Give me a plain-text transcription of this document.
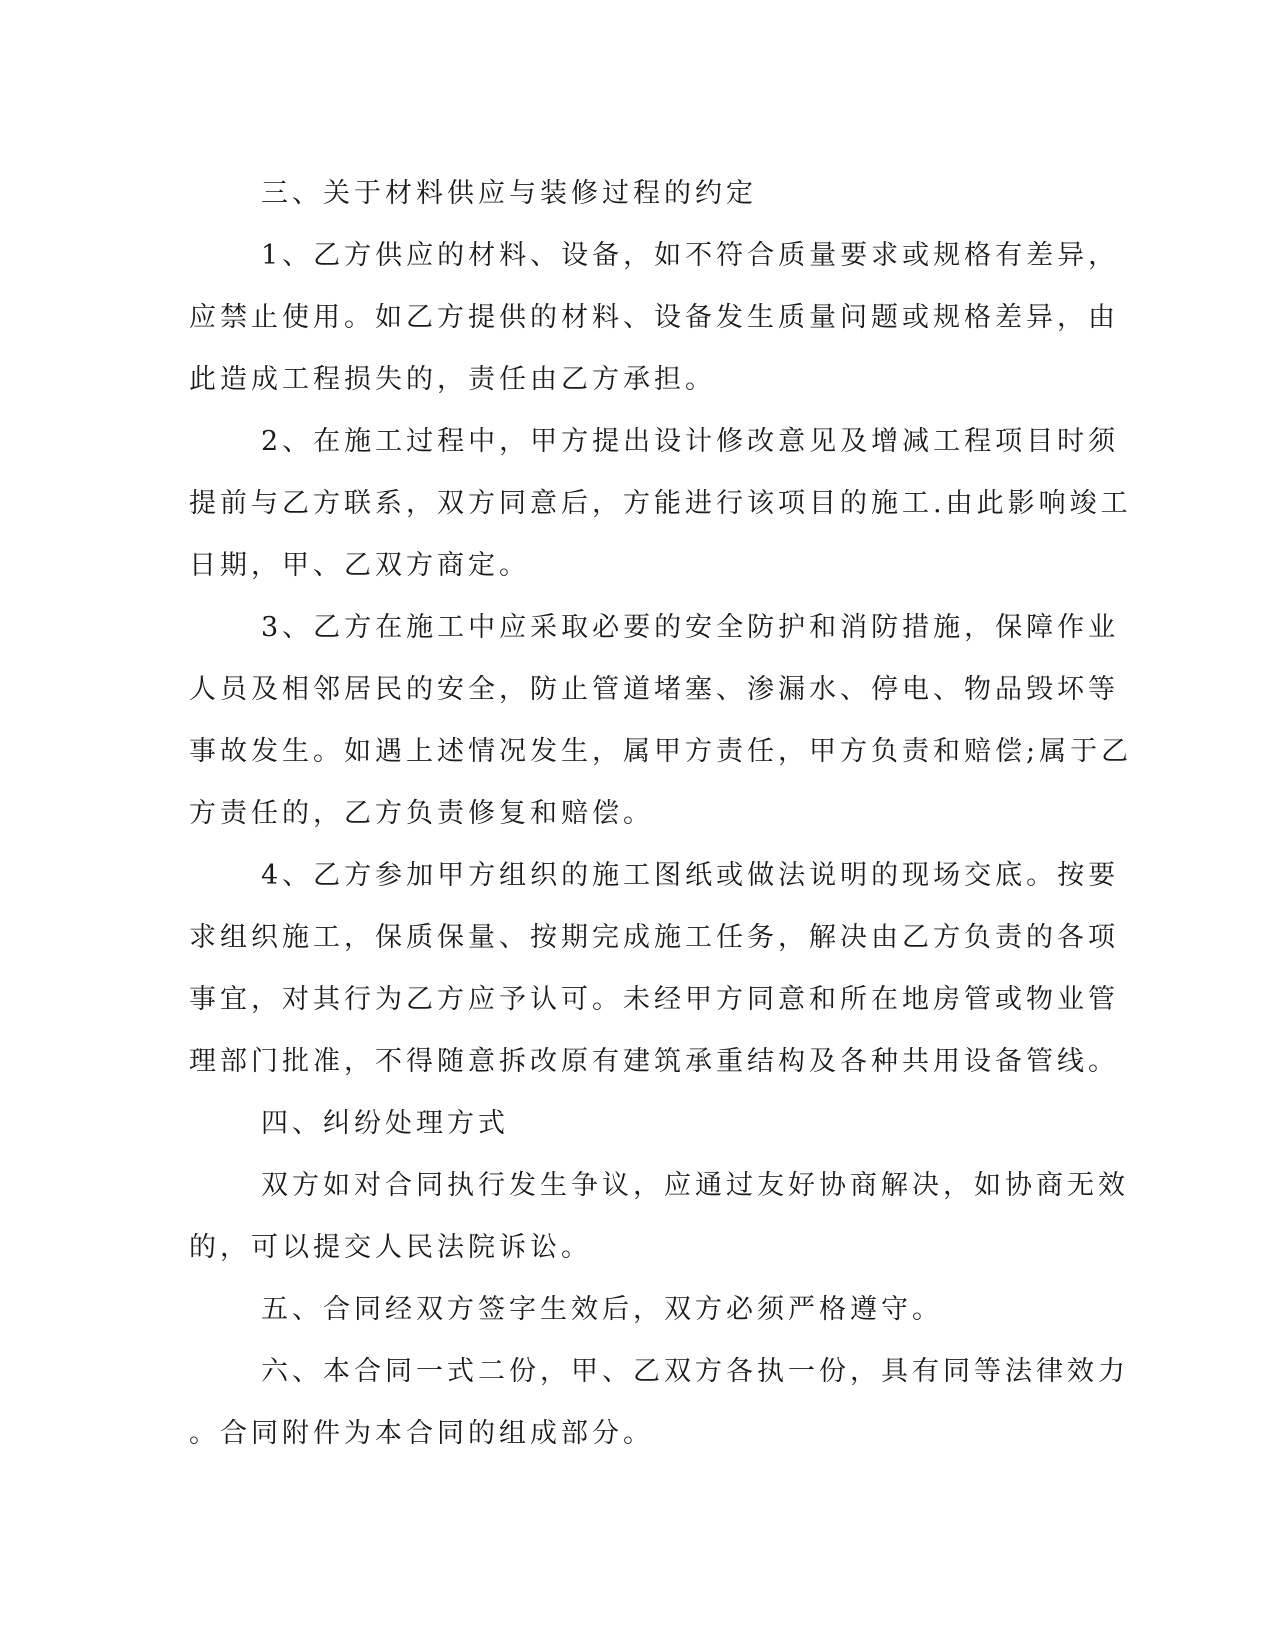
三、关于材料供应与装修过程的约定
1、乙方供应的材料、设备，如不符合质量要求或规格有差异，
应禁止使用。如乙方提供的材料、设备发生质量问题或规格差异，由
此造成工程损失的，责任由乙方承担。
2、在施工过程中，甲方提出设计修改意见及增减工程项目时须
提前与乙方联系，双方同意后，方能进行该项目的施工.由此影响竣工
日期，甲、乙双方商定。
3、乙方在施工中应采取必要的安全防护和消防措施，保障作业
人员及相邻居民的安全，防止管道堵塞、渗漏水、停电、物品毁坏等
事故发生。如遇上述情况发生，属甲方责任，甲方负责和赔偿;属于乙
方责任的，乙方负责修复和赔偿。
4、乙方参加甲方组织的施工图纸或做法说明的现场交底。按要
求组织施工，保质保量、按期完成施工任务，解决由乙方负责的各项
事宜，对其行为乙方应予认可。未经甲方同意和所在地房管或物业管
理部门批准，不得随意拆改原有建筑承重结构及各种共用设备管线。
四、纠纷处理方式
双方如对合同执行发生争议，应通过友好协商解决，如协商无效
的，可以提交人民法院诉讼。
五、合同经双方签字生效后，双方必须严格遵守。
六、本合同一式二份，甲、乙双方各执一份，具有同等法律效力
。合同附件为本合同的组成部分。
